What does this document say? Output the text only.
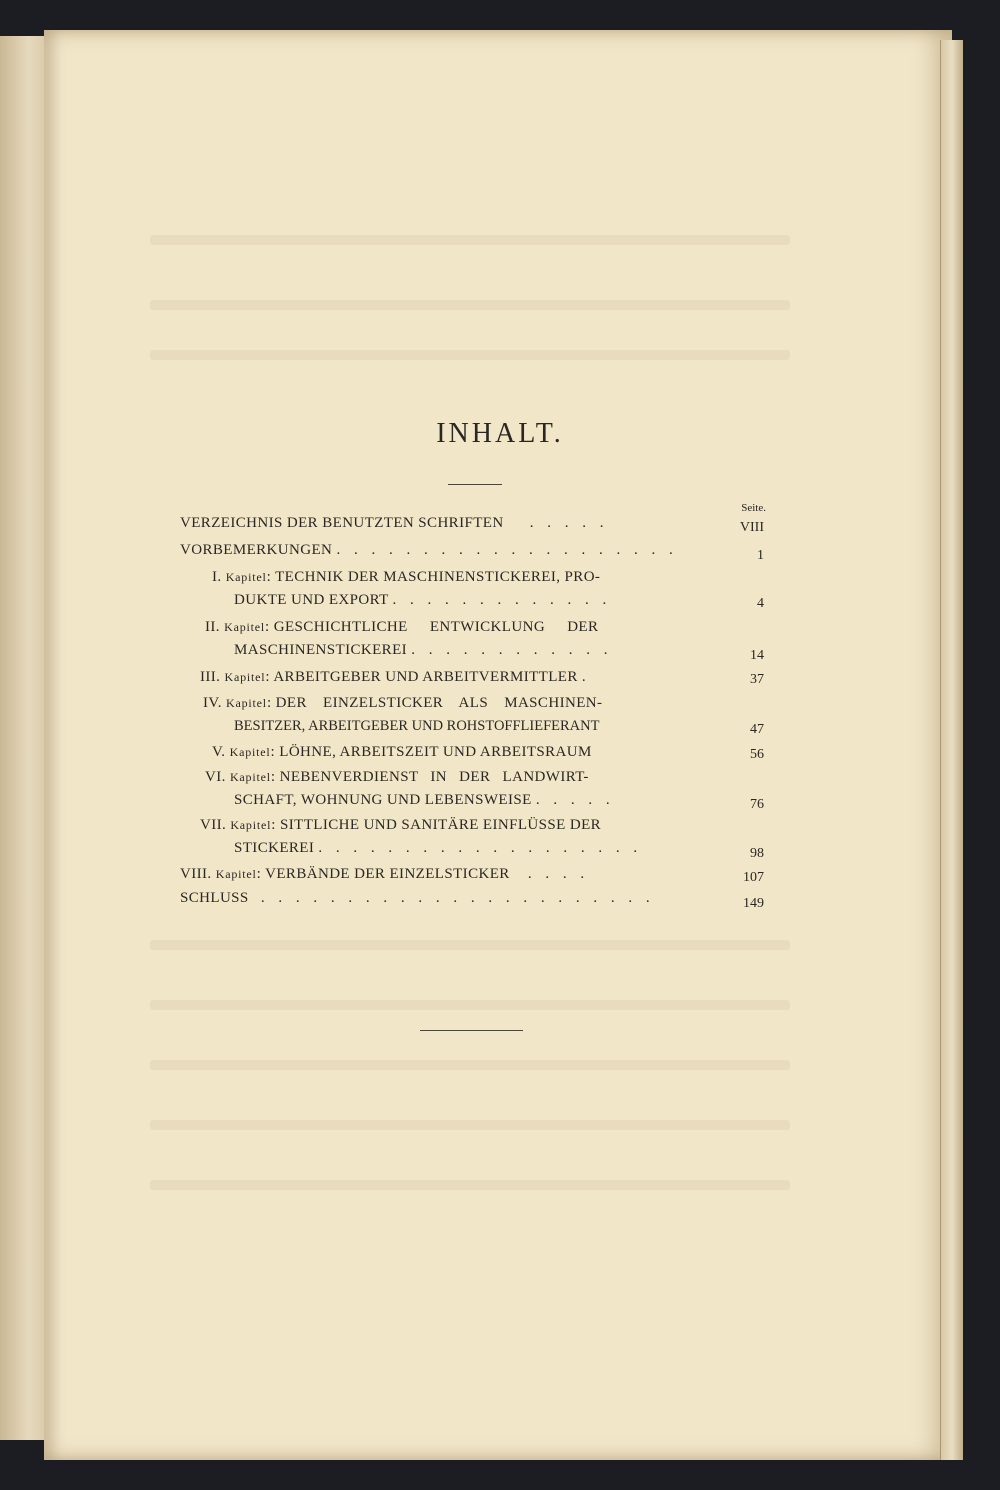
INHALT.
Seite.
VERZEICHNIS DER BENUTZTEN SCHRIFTEN . . . . .	VIII
VORBEMERKUNGEN . . . . . . . . . . . . . . . . . . . .	1
I. Kapitel: TECHNIK DER MASCHINENSTICKEREI, PRO-
DUKTE UND EXPORT . . . . . . . . . . . . .	4
II. Kapitel: GESCHICHTLICHE ENTWICKLUNG DER
MASCHINENSTICKEREI . . . . . . . . . . . .	14
III. Kapitel: ARBEITGEBER UND ARBEITVERMITTLER .	37
IV. Kapitel: DER EINZELSTICKER ALS MASCHINEN-
BESITZER, ARBEITGEBER UND ROHSTOFFLIEFERANT	47
V. Kapitel: LÖHNE, ARBEITSZEIT UND ARBEITSRAUM	56
VI. Kapitel: NEBENVERDIENST IN DER LANDWIRT-
SCHAFT, WOHNUNG UND LEBENSWEISE . . . . .	76
VII. Kapitel: SITTLICHE UND SANITÄRE EINFLÜSSE DER
STICKEREI . . . . . . . . . . . . . . . . . . .	98
VIII. Kapitel: VERBÄNDE DER EINZELSTICKER . . . .	107
SCHLUSS . . . . . . . . . . . . . . . . . . . . . . .	149
